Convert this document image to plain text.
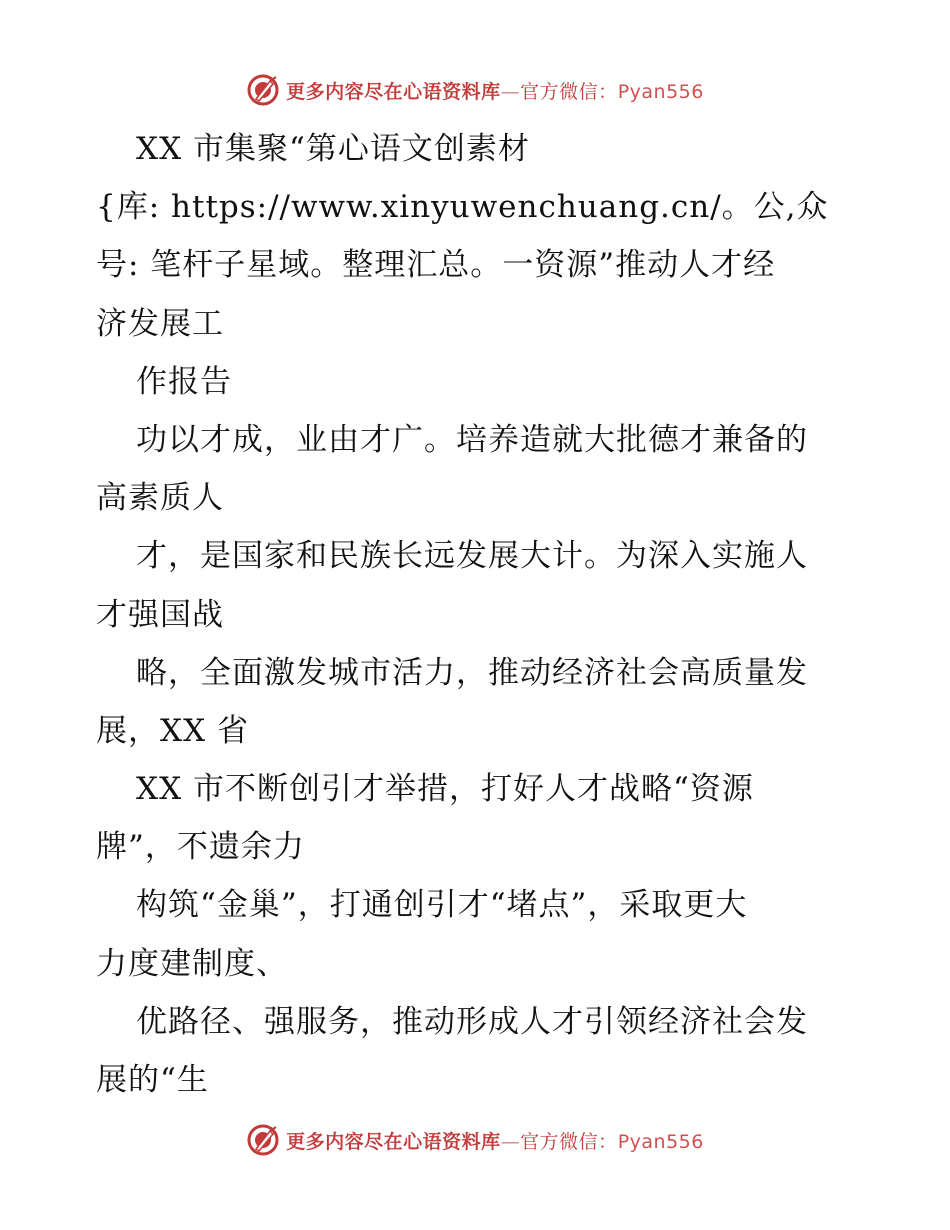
更多内容尽在心语资料库—官方微信：Pyan556
XX 市集聚“第心语文创素材
{库: https://www.xinyuwenchuang.cn/。公,众
号: 笔杆子星域。整理汇总。一资源”推动人才经
济发展工
作报告
功以才成，业由才广。培养造就大批德才兼备的
高素质人
才，是国家和民族长远发展大计。为深入实施人
才强国战
略，全面激发城市活力，推动经济社会高质量发
展，XX 省
XX 市不断创引才举措，打好人才战略“资源
牌”，不遗余力
构筑“金巢”，打通创引才“堵点”，采取更大
力度建制度、
优路径、强服务，推动形成人才引领经济社会发
展的“生
更多内容尽在心语资料库—官方微信：Pyan556
